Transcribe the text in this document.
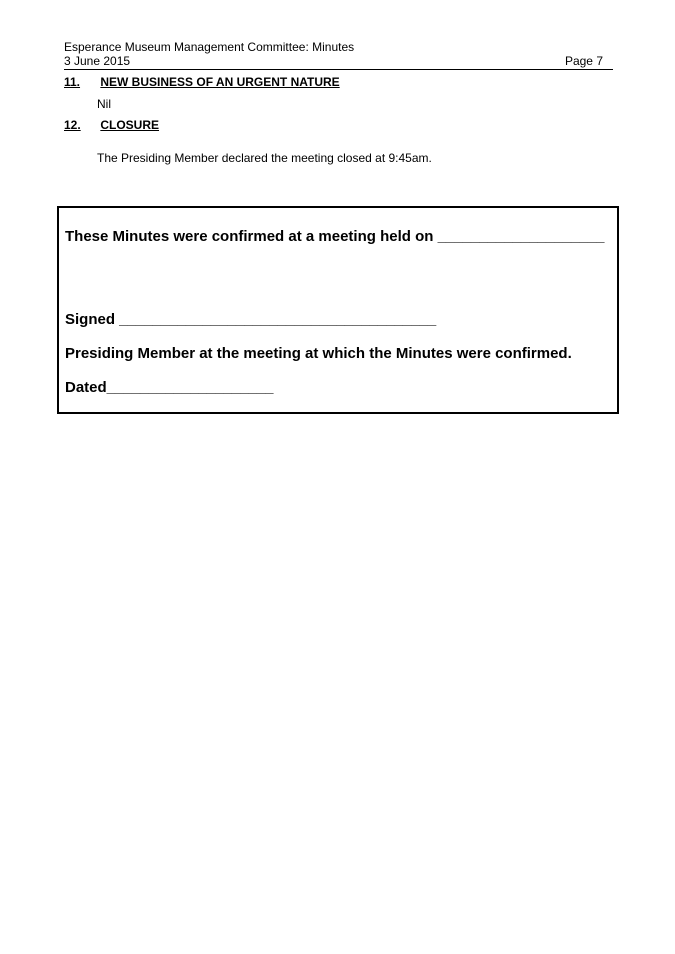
Esperance Museum Management Committee: Minutes
3 June 2015	Page 7
11. NEW BUSINESS OF AN URGENT NATURE
Nil
12. CLOSURE
The Presiding Member declared the meeting closed at 9:45am.
These Minutes were confirmed at a meeting held on ____________________
Signed ______________________________________
Presiding Member at the meeting at which the Minutes were confirmed.
Dated____________________
